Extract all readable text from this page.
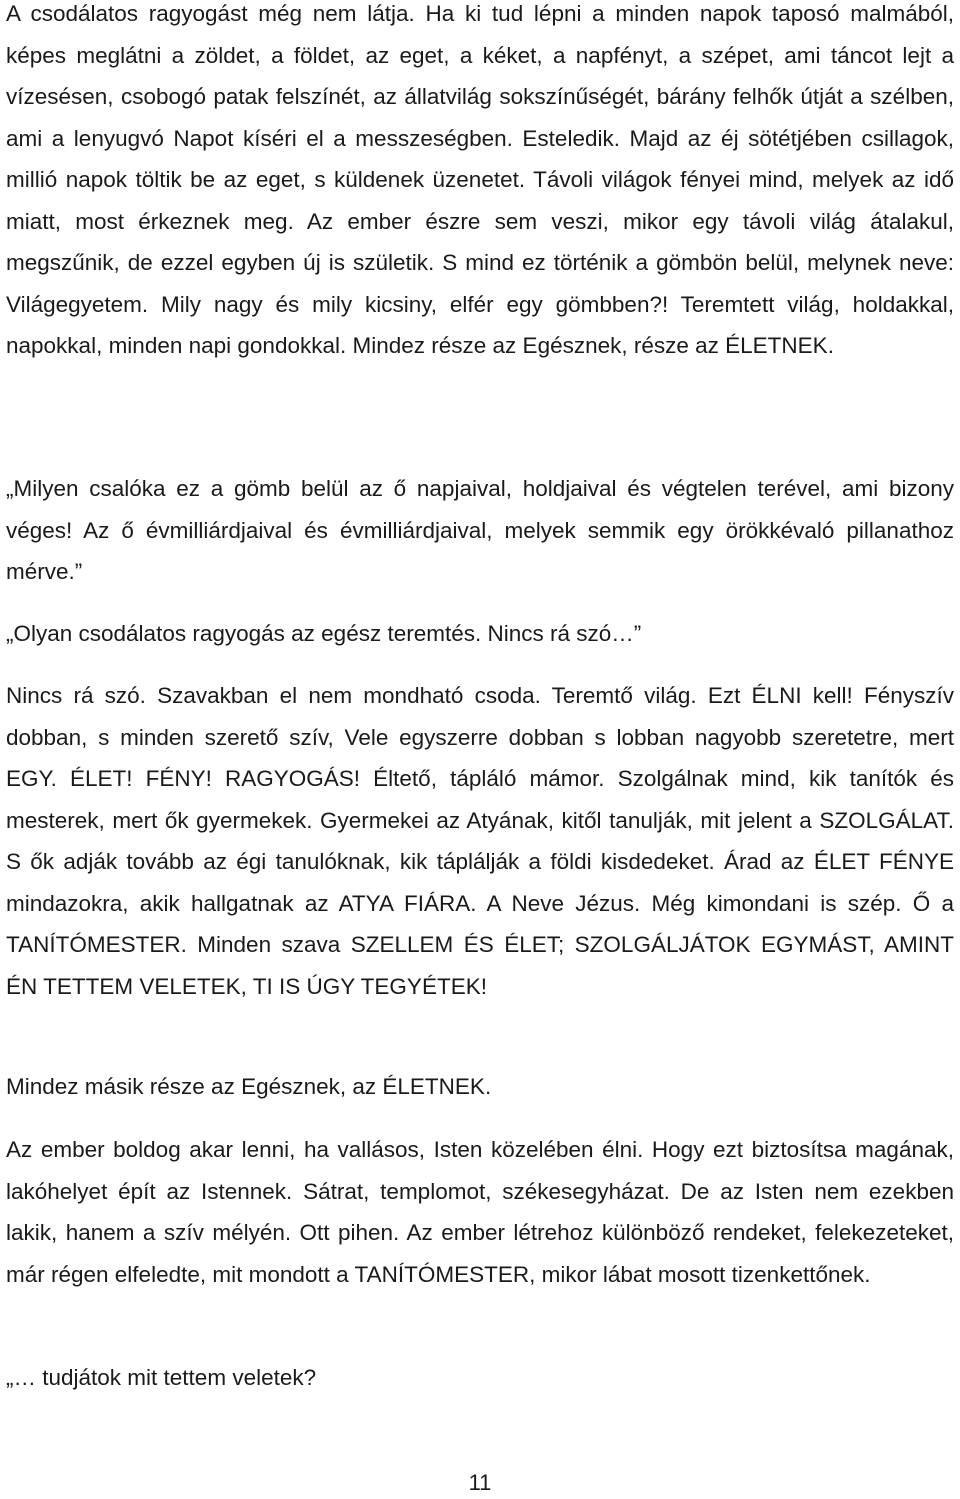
A csodálatos ragyogást még nem látja. Ha ki tud lépni a minden napok taposó malmából, képes meglátni a zöldet, a földet, az eget, a kéket, a napfényt, a szépet, ami táncot lejt a vízesésen, csobogó patak felszínét, az állatvilág sokszínűségét, bárány felhők útját a szélben, ami a lenyugvó Napot kíséri el a messzeségben. Esteledik. Majd az éj sötétjében csillagok, millió napok töltik be az eget, s küldenek üzenetet. Távoli világok fényei mind, melyek az idő miatt, most érkeznek meg. Az ember észre sem veszi, mikor egy távoli világ átalakul, megszűnik, de ezzel egyben új is születik. S mind ez történik a gömbön belül, melynek neve: Világegyetem. Mily nagy és mily kicsiny, elfér egy gömbben?! Teremtett világ, holdakkal, napokkal, minden napi gondokkal. Mindez része az Egésznek, része az ÉLETNEK.

„Milyen csalóka ez a gömb belül az ő napjaival, holdjaival és végtelen terével, ami bizony véges! Az ő évmilliárdjaival és évmilliárdjaival, melyek semmik egy örökkévaló pillanathoz mérve.”

„Olyan csodálatos ragyogás az egész teremtés. Nincs rá szó…”

Nincs rá szó. Szavakban el nem mondható csoda. Teremtő világ. Ezt ÉLNI kell! Fényszív dobban, s minden szerető szív, Vele egyszerre dobban s lobban nagyobb szeretetre, mert EGY. ÉLET! FÉNY! RAGYOGÁS! Éltető, tápláló mámor. Szolgálnak mind, kik tanítók és mesterek, mert ők gyermekek. Gyermekei az Atyának, kitől tanulják, mit jelent a SZOLGÁLAT. S ők adják tovább az égi tanulóknak, kik táplálják a földi kisdedeket. Árad az ÉLET FÉNYE mindazokra, akik hallgatnak az ATYA FIÁRA. A Neve Jézus. Még kimondani is szép. Ő a TANÍTÓMESTER. Minden szava SZELLEM ÉS ÉLET; SZOLGÁLJÁTOK EGYMÁST, AMINT ÉN TETTEM VELETEK, TI IS ÚGY TEGYÉTEK!

Mindez másik része az Egésznek, az ÉLETNEK.

Az ember boldog akar lenni, ha vallásos, Isten közelében élni. Hogy ezt biztosítsa magának, lakóhelyet épít az Istennek. Sátrat, templomot, székesegyházat. De az Isten nem ezekben lakik, hanem a szív mélyén. Ott pihen. Az ember létrehoz különböző rendeket, felekezeteket, már régen elfeledte, mit mondott a TANÍTÓMESTER, mikor lábat mosott tizenkettőnek.

„… tudjátok mit tettem veletek?

11
